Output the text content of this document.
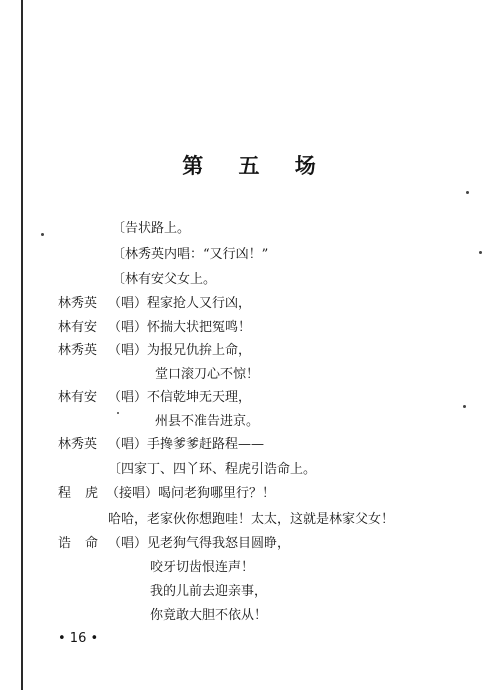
第 五 场
〔告状路上。
〔林秀英内唱：“又行凶！”
〔林有安父女上。
林秀英 （唱）程家抢人又行凶，
林有安 （唱）怀揣大状把冤鸣！
林秀英 （唱）为报兄仇拚上命，
堂口滚刀心不惊！
林有安 （唱）不信乾坤无天理，
州县不准告进京。
林秀英 （唱）手搀爹爹赶路程——
〔四家丁、四丫环、程虎引诰命上。
程虎
（接唱）喝问老狗哪里行？！
哈哈，老家伙你想跑哇！太太，这就是林家父女！
诰命
（唱）见老狗气得我怒目圆睁，
咬牙切齿恨连声！
我的儿前去迎亲事，
你竟敢大胆不依从！
• 16 •
